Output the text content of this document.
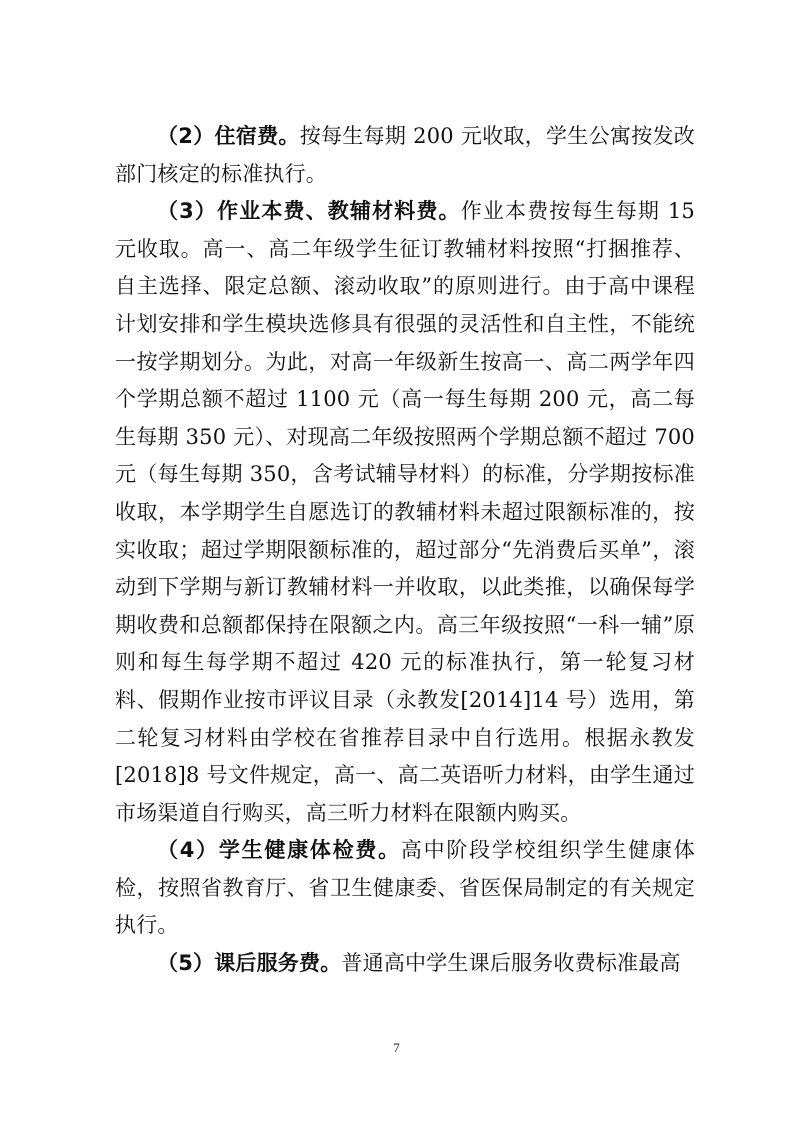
（2）住宿费。按每生每期 200 元收取，学生公寓按发改部门核定的标准执行。

（3）作业本费、教辅材料费。作业本费按每生每期 15 元收取。高一、高二年级学生征订教辅材料按照“打捆推荐、自主选择、限定总额、滚动收取”的原则进行。由于高中课程计划安排和学生模块选修具有很强的灵活性和自主性，不能统一按学期划分。为此，对高一年级新生按高一、高二两学年四个学期总额不超过 1100 元（高一每生每期 200 元，高二每生每期 350 元）、对现高二年级按照两个学期总额不超过 700 元（每生每期 350，含考试辅导材料）的标准，分学期按标准收取，本学期学生自愿选订的教辅材料未超过限额标准的，按实收取；超过学期限额标准的，超过部分“先消费后买单”，滚动到下学期与新订教辅材料一并收取，以此类推，以确保每学期收费和总额都保持在限额之内。高三年级按照“一科一辅”原则和每生每学期不超过 420 元的标准执行，第一轮复习材料、假期作业按市评议目录（永教发[2014]14 号）选用，第二轮复习材料由学校在省推荐目录中自行选用。根据永教发[2018]8 号文件规定，高一、高二英语听力材料，由学生通过市场渠道自行购买，高三听力材料在限额内购买。

（4）学生健康体检费。高中阶段学校组织学生健康体检，按照省教育厅、省卫生健康委、省医保局制定的有关规定执行。

（5）课后服务费。普通高中学生课后服务收费标准最高

7
